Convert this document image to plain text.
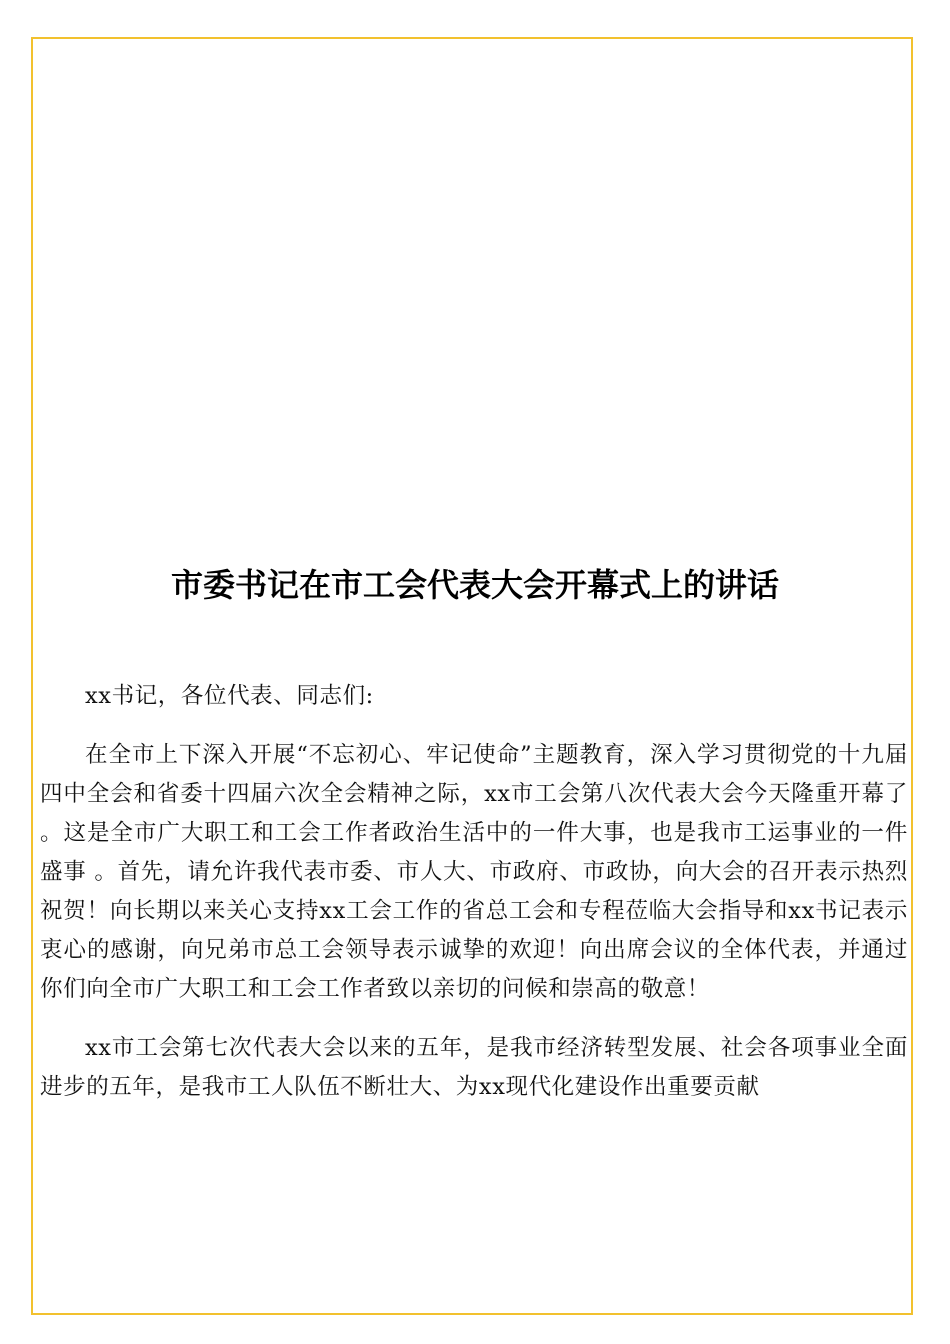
市委书记在市工会代表大会开幕式上的讲话

xx书记，各位代表、同志们:

在全市上下深入开展“不忘初心、牢记使命”主题教育，深入学习贯彻党的十九届四中全会和省委十四届六次全会精神之际，xx市工会第八次代表大会今天隆重开幕了 。这是全市广大职工和工会工作者政治生活中的一件大事，也是我市工运事业的一件盛事 。首先，请允许我代表市委、市人大、市政府、市政协，向大会的召开表示热烈祝贺！向长期以来关心支持xx工会工作的省总工会和专程莅临大会指导和xx书记表示衷心的感谢，向兄弟市总工会领导表示诚挚的欢迎！向出席会议的全体代表，并通过你们向全市广大职工和工会工作者致以亲切的问候和崇高的敬意！

xx市工会第七次代表大会以来的五年，是我市经济转型发展、社会各项事业全面进步的五年，是我市工人队伍不断壮大、为xx现代化建设作出重要贡献
